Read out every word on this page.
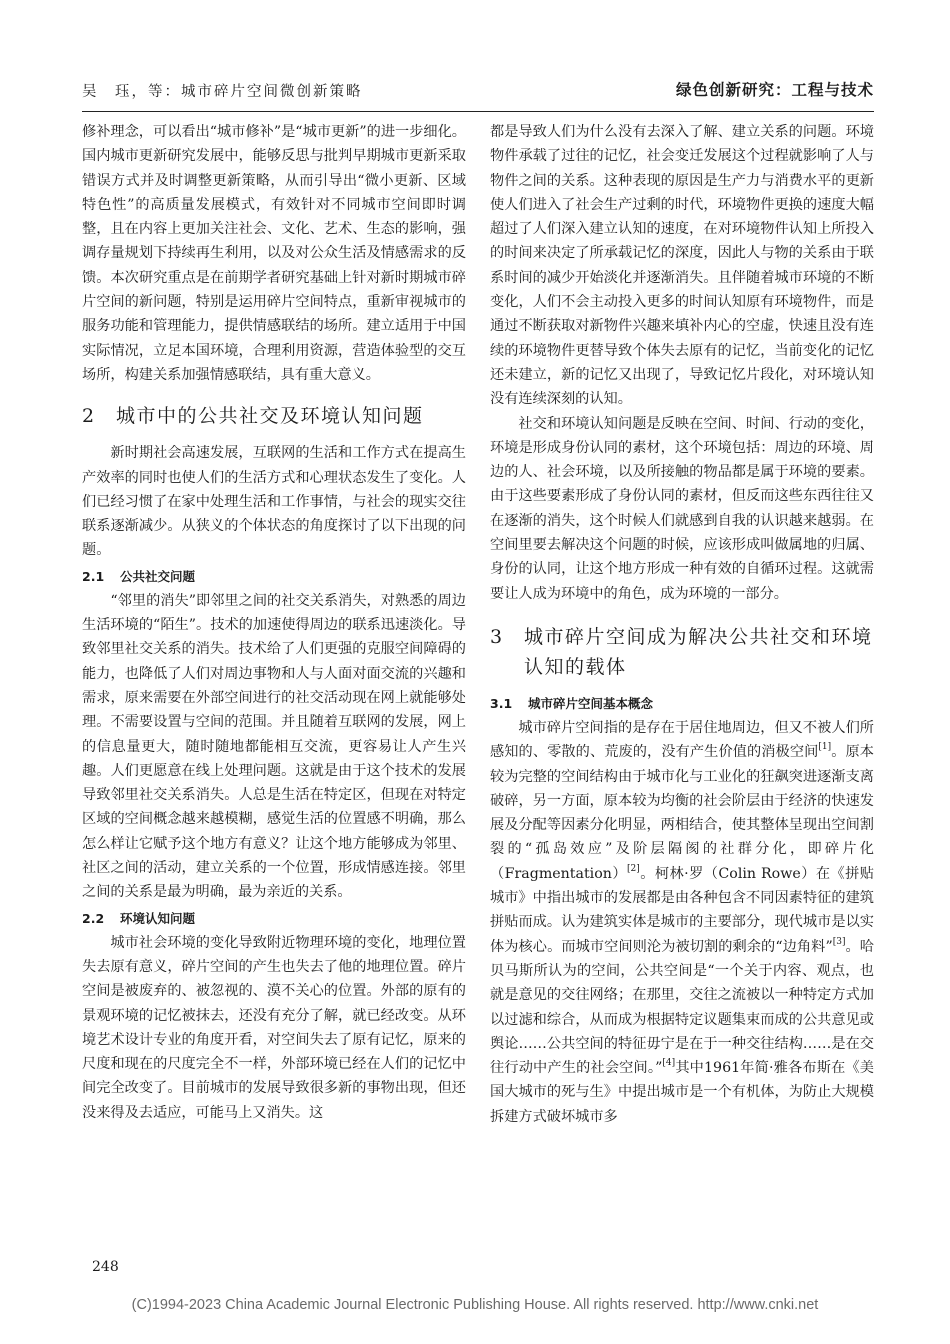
吴　珏，等：城市碎片空间微创新策略	绿色创新研究：工程与技术

修补理念，可以看出“城市修补”是“城市更新”的进一步细化。国内城市更新研究发展中，能够反思与批判早期城市更新采取错误方式并及时调整更新策略，从而引导出“微小更新、区域特色性”的高质量发展模式，有效针对不同城市空间即时调整，且在内容上更加关注社会、文化、艺术、生态的影响，强调存量规划下持续再生利用，以及对公众生活及情感需求的反馈。本次研究重点是在前期学者研究基础上针对新时期城市碎片空间的新问题，特别是运用碎片空间特点，重新审视城市的服务功能和管理能力，提供情感联结的场所。建立适用于中国实际情况，立足本国环境，合理利用资源，营造体验型的交互场所，构建关系加强情感联结，具有重大意义。

2	城市中的公共社交及环境认知问题

新时期社会高速发展，互联网的生活和工作方式在提高生产效率的同时也使人们的生活方式和心理状态发生了变化。人们已经习惯了在家中处理生活和工作事情，与社会的现实交往联系逐渐减少。从狭义的个体状态的角度探讨了以下出现的问题。

2.1	公共社交问题

“邻里的消失”即邻里之间的社交关系消失，对熟悉的周边生活环境的“陌生”。技术的加速使得周边的联系迅速淡化。导致邻里社交关系的消失。技术给了人们更强的克服空间障碍的能力，也降低了人们对周边事物和人与人面对面交流的兴趣和需求，原来需要在外部空间进行的社交活动现在网上就能够处理。不需要设置与空间的范围。并且随着互联网的发展，网上的信息量更大，随时随地都能相互交流，更容易让人产生兴趣。人们更愿意在线上处理问题。这就是由于这个技术的发展导致邻里社交关系消失。人总是生活在特定区，但现在对特定区域的空间概念越来越模糊，感觉生活的位置感不明确，那么怎么样让它赋予这个地方有意义？让这个地方能够成为邻里、社区之间的活动，建立关系的一个位置，形成情感连接。邻里之间的关系是最为明确，最为亲近的关系。

2.2	环境认知问题

城市社会环境的变化导致附近物理环境的变化，地理位置失去原有意义，碎片空间的产生也失去了他的地理位置。碎片空间是被废弃的、被忽视的、漠不关心的位置。外部的原有的景观环境的记忆被抹去，还没有充分了解，就已经改变。从环境艺术设计专业的角度开看，对空间失去了原有记忆，原来的尺度和现在的尺度完全不一样，外部环境已经在人们的记忆中间完全改变了。目前城市的发展导致很多新的事物出现，但还没来得及去适应，可能马上又消失。这

都是导致人们为什么没有去深入了解、建立关系的问题。环境物件承载了过往的记忆，社会变迁发展这个过程就影响了人与物件之间的关系。这种表现的原因是生产力与消费水平的更新使人们进入了社会生产过剩的时代，环境物件更换的速度大幅超过了人们深入建立认知的速度，在对环境物件认知上所投入的时间来决定了所承载记忆的深度，因此人与物的关系由于联系时间的减少开始淡化并逐渐消失。且伴随着城市环境的不断变化，人们不会主动投入更多的时间认知原有环境物件，而是通过不断获取对新物件兴趣来填补内心的空虚，快速且没有连续的环境物件更替导致个体失去原有的记忆，当前变化的记忆还未建立，新的记忆又出现了，导致记忆片段化，对环境认知没有连续深刻的认知。

社交和环境认知问题是反映在空间、时间、行动的变化，环境是形成身份认同的素材，这个环境包括：周边的环境、周边的人、社会环境，以及所接触的物品都是属于环境的要素。由于这些要素形成了身份认同的素材，但反而这些东西往往又在逐渐的消失，这个时候人们就感到自我的认识越来越弱。在空间里要去解决这个问题的时候，应该形成叫做属地的归属、身份的认同，让这个地方形成一种有效的自循环过程。这就需要让人成为环境中的角色，成为环境的一部分。

3	城市碎片空间成为解决公共社交和环境认知的载体
3.1	城市碎片空间基本概念

城市碎片空间指的是存在于居住地周边，但又不被人们所感知的、零散的、荒废的，没有产生价值的消极空间[1]。原本较为完整的空间结构由于城市化与工业化的狂飙突进逐渐支离破碎，另一方面，原本较为均衡的社会阶层由于经济的快速发展及分配等因素分化明显，两相结合，使其整体呈现出空间割裂的“孤岛效应”及阶层隔阂的社群分化，即碎片化（Fragmentation）[2]。柯林·罗（Colin Rowe）在《拼贴城市》中指出城市的发展都是由各种包含不同因素特征的建筑拼贴而成。认为建筑实体是城市的主要部分，现代城市是以实体为核心。而城市空间则沦为被切割的剩余的“边角料”[3]。哈贝马斯所认为的空间，公共空间是“一个关于内容、观点，也就是意见的交往网络；在那里，交往之流被以一种特定方式加以过滤和综合，从而成为根据特定议题集束而成的公共意见或舆论……公共空间的特征毋宁是在于一种交往结构……是在交往行动中产生的社会空间。”[4]其中1961年简·雅各布斯在《美国大城市的死与生》中提出城市是一个有机体，为防止大规模拆建方式破坏城市多

248
(C)1994-2023 China Academic Journal Electronic Publishing House. All rights reserved. http://www.cnki.net
